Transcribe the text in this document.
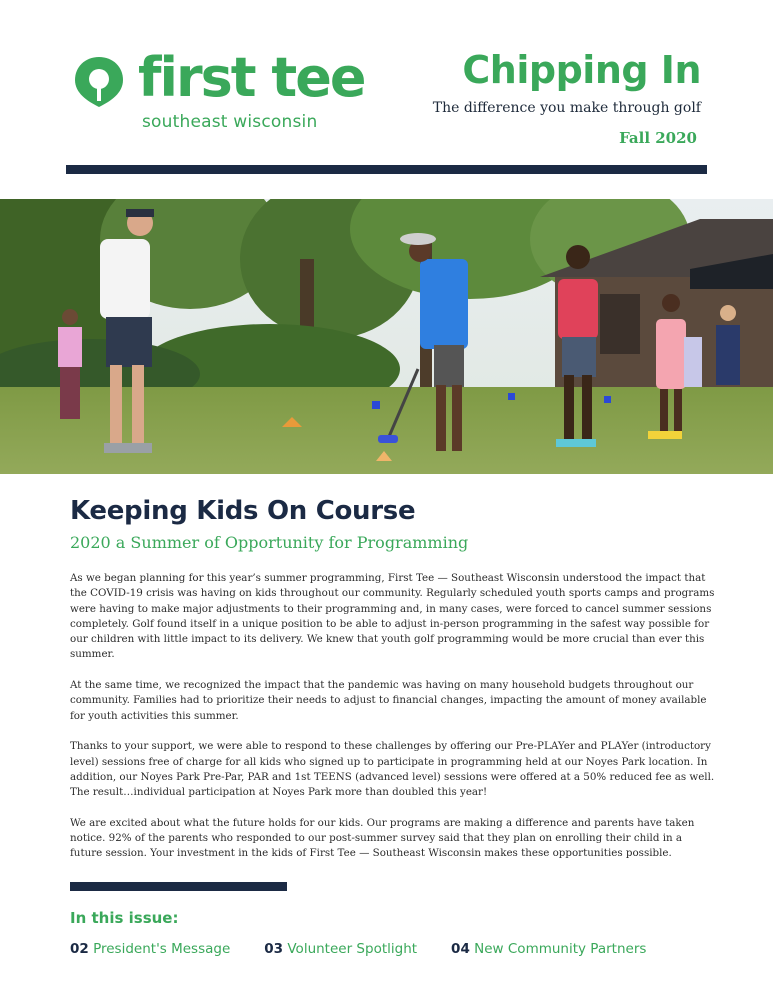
first tee
southeast wisconsin
Chipping In
The difference you make through golf
Fall 2020
Keeping Kids On Course
2020 a Summer of Opportunity for Programming

As we began planning for this year’s summer programming, First Tee — Southeast Wisconsin understood the impact that the COVID-19 crisis was having on kids throughout our community. Regularly scheduled youth sports camps and programs were having to make major adjustments to their programming and, in many cases, were forced to cancel summer sessions completely. Golf found itself in a unique position to be able to adjust in-person programming in the safest way possible for our children with little impact to its delivery. We knew that youth golf programming would be more crucial than ever this summer.

At the same time, we recognized the impact that the pandemic was having on many household budgets throughout our community. Families had to prioritize their needs to adjust to financial changes, impacting the amount of money available for youth activities this summer.

Thanks to your support, we were able to respond to these challenges by offering our Pre-PLAYer and PLAYer (introductory level) sessions free of charge for all kids who signed up to participate in programming held at our Noyes Park location. In addition, our Noyes Park Pre-Par, PAR and 1st TEENS (advanced level) sessions were offered at a 50% reduced fee as well. The result…individual participation at Noyes Park more than doubled this year!

We are excited about what the future holds for our kids. Our programs are making a difference and parents have taken notice. 92% of the parents who responded to our post-summer survey said that they plan on enrolling their child in a future session. Your investment in the kids of First Tee — Southeast Wisconsin makes these opportunities possible.

In this issue:
02 President's Message	03 Volunteer Spotlight	04 New Community Partners
